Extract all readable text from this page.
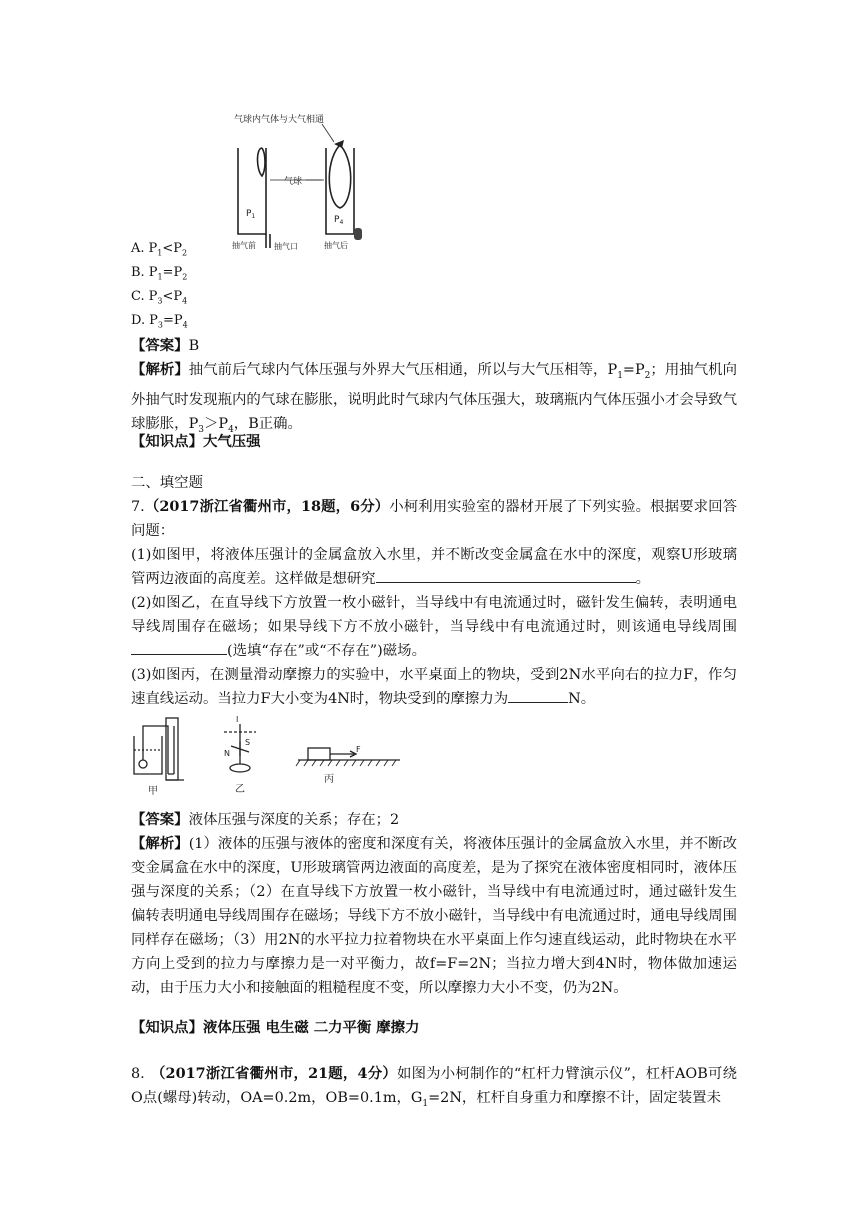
气球内气体与大气相通
气球
$P_1$
抽气前 抽气口
$P_4$
抽气后
A. $P_1<P_2$
B. $P_1=P_2$
C. $P_3<P_4$
D. $P_3=P_4$
【答案】B
【解析】抽气前后气球内气体压强与外界大气压相通，所以与大气压相等，$P_1=P_2$；用抽气机向外抽气时发现瓶内的气球在膨胀，说明此时气球内气体压强大，玻璃瓶内气体压强小才会导致气球膨胀，$P_3>P_4$，B正确。
【知识点】大气压强
二、填空题
7.（2017浙江省衢州市，18题，6分）小柯利用实验室的器材开展了下列实验。根据要求回答问题：
(1)如图甲，将液体压强计的金属盒放入水里，并不断改变金属盒在水中的深度，观察U形玻璃管两边液面的高度差。这样做是想研究	。
(2)如图乙，在直导线下方放置一枚小磁针，当导线中有电流通过时，磁针发生偏转，表明通电导线周围存在磁场；如果导线下方不放小磁针，当导线中有电流通过时，则该通电导线周围(选填“存在”或“不存在”)磁场。
(3)如图丙，在测量滑动摩擦力的实验中，水平桌面上的物块，受到2N水平向右的拉力F，作匀速直线运动。当拉力F大小变为4N时，物块受到的摩擦力为	N。
甲
I
S
N
乙
F
丙
【答案】液体压强与深度的关系；存在；2
【解析】(1）液体的压强与液体的密度和深度有关，将液体压强计的金属盒放入水里，并不断改变金属盒在水中的深度，U形玻璃管两边液面的高度差，是为了探究在液体密度相同时，液体压强与深度的关系；（2）在直导线下方放置一枚小磁针，当导线中有电流通过时，通过磁针发生偏转表明通电导线周围存在磁场；导线下方不放小磁针，当导线中有电流通过时，通电导线周围同样存在磁场；（3）用2N的水平拉力拉着物块在水平桌面上作匀速直线运动，此时物块在水平方向上受到的拉力与摩擦力是一对平衡力，故f=F=2N；当拉力增大到4N时，物体做加速运动，由于压力大小和接触面的粗糙程度不变，所以摩擦力大小不变，仍为2N。
【知识点】液体压强 电生磁 二力平衡 摩擦力
8. （2017浙江省衢州市，21题，4分）如图为小柯制作的“杠杆力臂演示仪”，杠杆AOB可绕O点(螺母)转动，OA=0.2m，OB=0.1m，$G_1=2N$，杠杆自身重力和摩擦不计，固定装置未
